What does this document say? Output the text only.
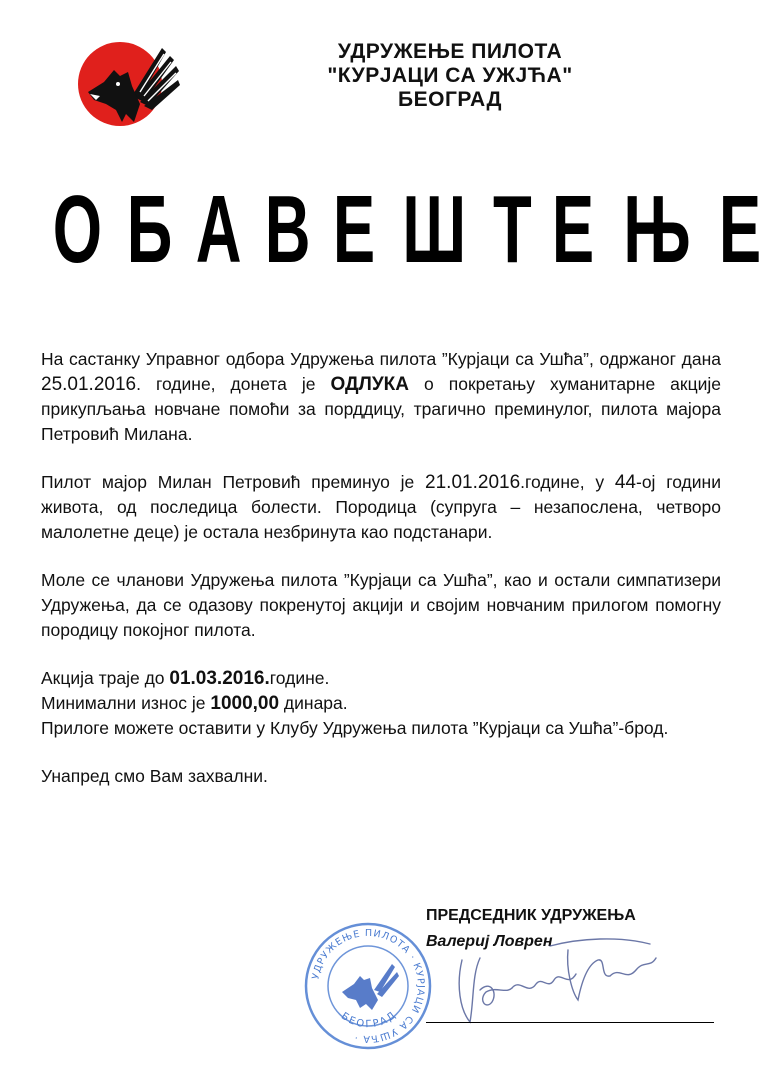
УДРУЖЕЊЕ ПИЛОТА
"КУРЈАЦИ СА УЖЈЋА"
БЕОГРАД
О Б А В Е Ш Т Е Њ Е

На састанку Управног одбора Удружења пилота ”Курјаци са Ушћа”, одржаног дана 25.01.2016. године, донета је ОДЛУКА о покретању хуманитарне акције прикупљања новчане помоћи за порддицу, трагично преминулог, пилота мајора Петровић Милана.

Пилот мајор Милан Петровић преминуо је 21.01.2016.године, у 44-ој години живота, од последица болести. Породица (супруга – незапослена, четворо малолетне деце) је остала незбринута као подстанари.

Моле се чланови Удружења пилота ”Курјаци са Ушћа”, као и остали симпатизери Удружења, да се одазову покренутој акцији и својим новчаним прилогом помогну породицу покојног пилота.

Акција траје до 01.03.2016.године.

Минимални износ је 1000,00 динара.

Прилоге можете оставити у Клубу Удружења пилота ”Курјаци са Ушћа”-брод.

Унапред смо Вам захвални.

ПРЕДСЕДНИК УДРУЖЕЊА
Валериј Ловрен
УДРУЖЕЊЕ ПИЛОТА · КУРЈАЦИ СА УШЋА ·
БЕОГРАД
